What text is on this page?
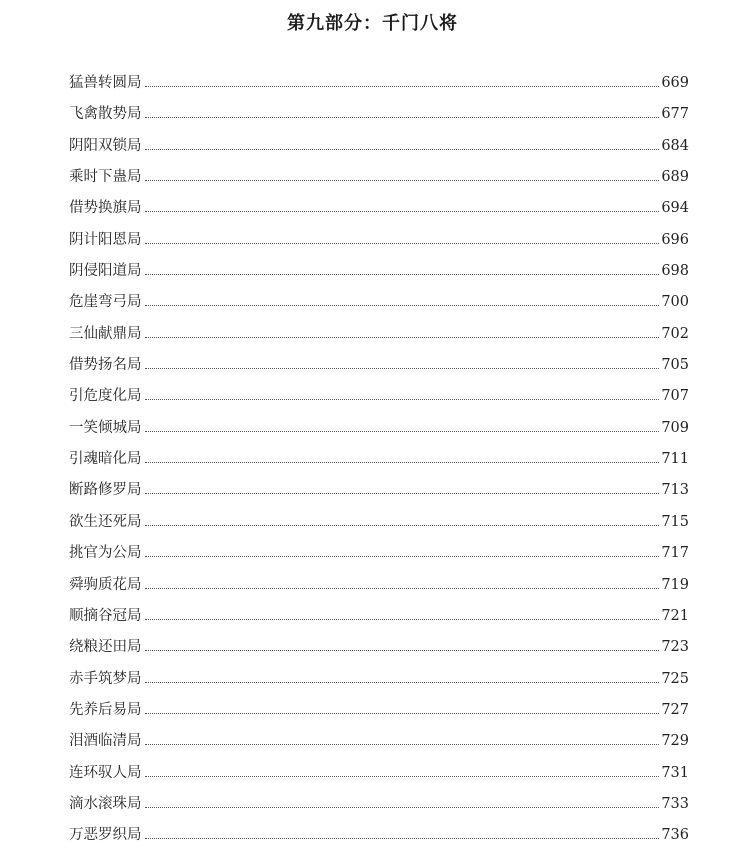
第九部分：千门八将
猛兽转圆局	669
飞禽散势局	677
阴阳双锁局	684
乘时下蛊局	689
借势换旗局	694
阴计阳恩局	696
阴侵阳道局	698
危崖弯弓局	700
三仙献鼎局	702
借势扬名局	705
引危度化局	707
一笑倾城局	709
引魂暗化局	711
断路修罗局	713
欲生还死局	715
挑官为公局	717
舜驹质花局	719
顺摘谷冠局	721
绕粮还田局	723
赤手筑梦局	725
先养后易局	727
泪酒临清局	729
连环驭人局	731
滴水滚珠局	733
万恶罗织局	736
